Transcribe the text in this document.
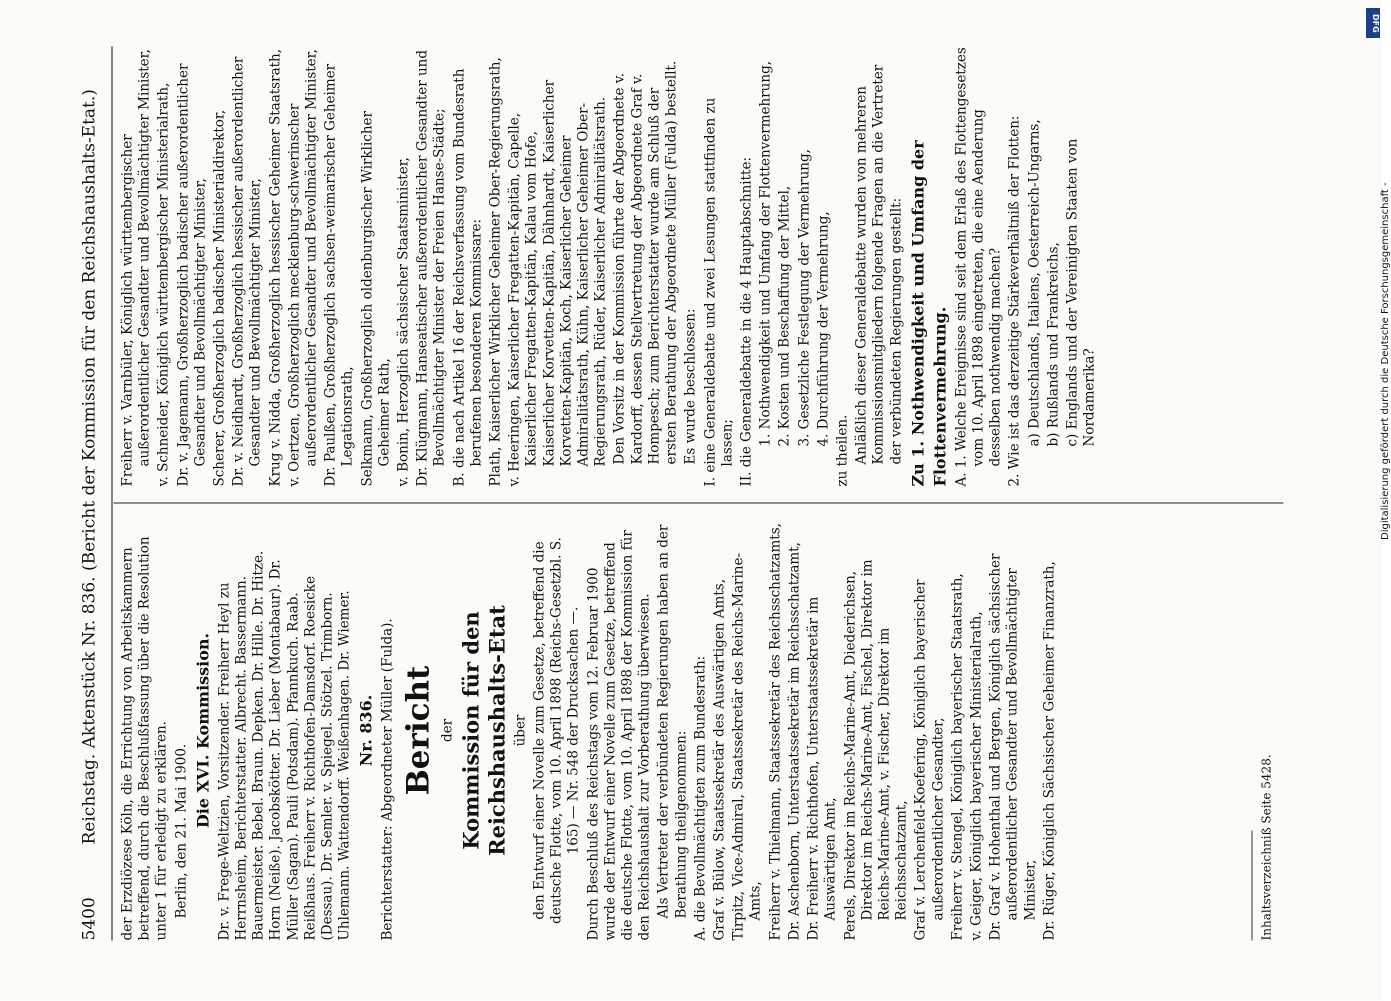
5400
Reichstag. Aktenstück Nr. 836. (Bericht der Kommission für den Reichshaushalts-Etat.) der Erzdiözese Köln, die Errichtung von Arbeitskammern betreffend, durch die Beschlußfassung über die Resolution unter 1 für erledigt zu erklären. Berlin, den 21. Mai 1900.

Die XVI. Kommission. Dr. v. Frege-Weltzien, Vorsitzender. Freiherr Heyl zu Herrnsheim, Berichterstatter. Albrecht. Bassermann. Bauermeister. Bebel. Braun. Depken. Dr. Hille. Dr. Hitze. Horn (Neiße). Jacobskötter. Dr. Lieber (Montabaur). Dr. Müller (Sagan). Pauli (Potsdam). Pfannkuch. Raab. Reißhaus. Freiherr v. Richthofen-Damsdorf. Roesicke (Dessau). Dr. Semler. v. Spiegel. Stötzel. Trimborn. Uhlemann. Wattendorff. Weißenhagen. Dr. Wiemer. Nr. 836. Berichterstatter: Abgeordneter Müller (Fulda). Bericht der Kommission für den Reichshaushalts-Etat über den Entwurf einer Novelle zum Gesetze, betreffend die deutsche Flotte, vom 10. April 1898 (Reichs-Gesetzbl. S. 165) — Nr. 548 der Drucksachen —. Durch Beschluß des Reichstags vom 12. Februar 1900 wurde der Entwurf einer Novelle zum Gesetze, betreffend die deutsche Flotte, vom 10. April 1898 der Kommission für den Reichshaushalt zur Vorberathung überwiesen. Als Vertreter der verbündeten Regierungen haben an der Berathung theilgenommen: A. die Bevollmächtigten zum Bundesrath: Graf v. Bülow, Staatssekretär des Auswärtigen Amts, Tirpitz, Vice-Admiral, Staatssekretär des Reichs-Marine-Amts, Freiherr v. Thielmann, Staatssekretär des Reichsschatzamts, Dr. Aschenborn, Unterstaatssekretär im Reichsschatzamt, Dr. Freiherr v. Richthofen, Unterstaatssekretär im Auswärtigen Amt, Perels, Direktor im Reichs-Marine-Amt, Diederichsen, Direktor im Reichs-Marine-Amt, Fischel, Direktor im Reichs-Marine-Amt, v. Fischer, Direktor im Reichsschatzamt, Graf v. Lerchenfeld-Koefering, Königlich bayerischer außerordentlicher Gesandter, Freiherr v. Stengel, Königlich bayerischer Staatsrath, v. Geiger, Königlich bayerischer Ministerialrath, Dr. Graf v. Hohenthal und Bergen, Königlich sächsischer außerordentlicher Gesandter und Bevollmächtigter Minister, Dr. Rüger, Königlich Sächsischer Geheimer Finanzrath,

Freiherr v. Varnbüler, Königlich württembergischer außerordentlicher Gesandter und Bevollmächtigter Minister, v. Schneider, Königlich württembergischer Ministerialrath, Dr. v. Jagemann, Großherzoglich badischer außerordentlicher Gesandter und Bevollmächtigter Minister, Scherer, Großherzoglich badischer Ministerialdirektor, Dr. v. Neidhardt, Großherzoglich hessischer außerordentlicher Gesandter und Bevollmächtigter Minister, Krug v. Nidda, Großherzoglich hessischer Geheimer Staatsrath, v. Oertzen, Großherzoglich mecklenburg-schwerinscher außerordentlicher Gesandter und Bevollmächtigter Minister, Dr. Paulßen, Großherzoglich sachsen-weimarischer Geheimer Legationsrath, Selkmann, Großherzoglich oldenburgischer Wirklicher Geheimer Rath, v. Bonin, Herzoglich sächsischer Staatsminister, Dr. Klügmann, Hanseatischer außerordentlicher Gesandter und Bevollmächtigter Minister der Freien Hanse-Städte; B. die nach Artikel 16 der Reichsverfassung vom Bundesrath berufenen besonderen Kommissare: Plath, Kaiserlicher Wirklicher Geheimer Ober-Regierungsrath, v. Heeringen, Kaiserlicher Fregatten-Kapitän, Capelle, Kaiserlicher Fregatten-Kapitän, Kalau vom Hofe, Kaiserlicher Korvetten-Kapitän, Dähnhardt, Kaiserlicher Korvetten-Kapitän, Koch, Kaiserlicher Geheimer Admiralitätsrath, Kühn, Kaiserlicher Geheimer Ober-Regierungsrath, Rüder, Kaiserlicher Admiralitätsrath. Den Vorsitz in der Kommission führte der Abgeordnete v. Kardorff, dessen Stellvertretung der Abgeordnete Graf v. Hompesch; zum Berichterstatter wurde am Schluß der ersten Berathung der Abgeordnete Müller (Fulda) bestellt. Es wurde beschlossen: I. eine Generaldebatte und zwei Lesungen stattfinden zu lassen; II. die Generaldebatte in die 4 Hauptabschnitte: 1. Nothwendigkeit und Umfang der Flottenvermehrung, 2. Kosten und Beschaffung der Mittel, 3. Gesetzliche Festlegung der Vermehrung, 4. Durchführung der Vermehrung,

zu theilen. Anläßlich dieser Generaldebatte wurden von mehreren Kommissionsmitgliedern folgende Fragen an die Vertreter der verbündeten Regierungen gestellt: Zu 1. Nothwendigkeit und Umfang der Flottenvermehrung. A. 1. Welche Ereignisse sind seit dem Erlaß des Flottengesetzes vom 10. April 1898 eingetreten, die eine Aenderung desselben nothwendig machen? 2. Wie ist das derzeitige Stärkeverhältniß der Flotten: a) Deutschlands, Italiens, Oesterreich-Ungarns, b) Rußlands und Frankreichs, c) Englands und der Vereinigten Staaten von Nordamerika?

Inhaltsverzeichniß Seite 5428.
DFG
Digitalisierung gefördert durch die Deutsche Forschungsgemeinschaft -
